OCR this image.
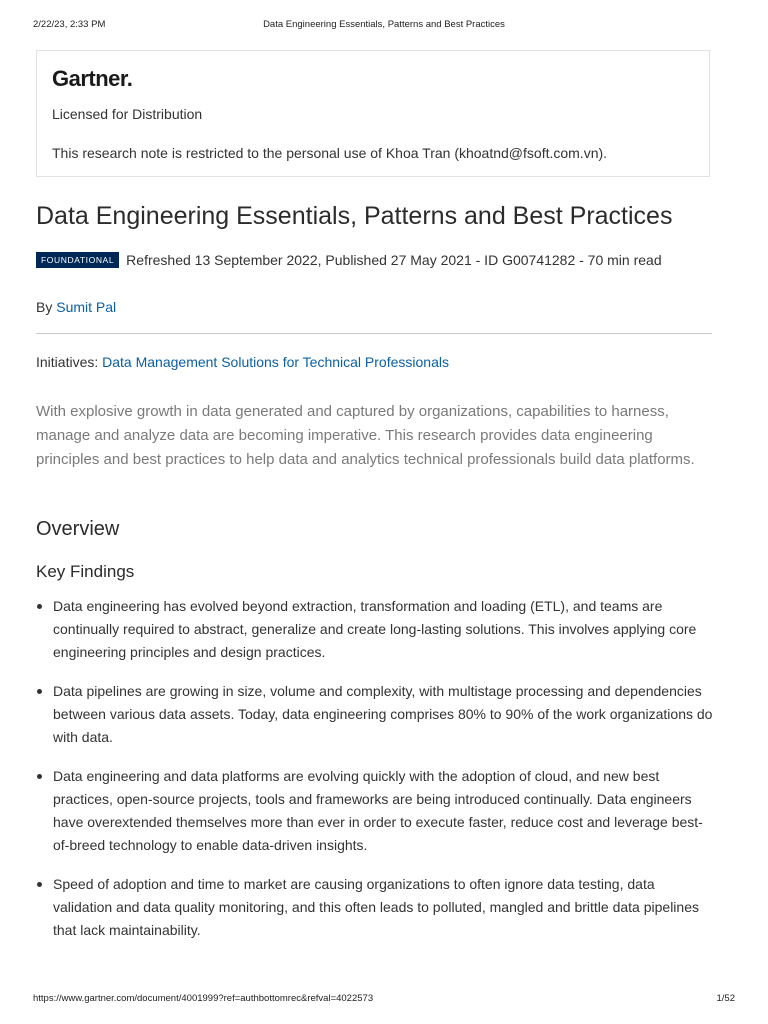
2/22/23, 2:33 PM	Data Engineering Essentials, Patterns and Best Practices
Gartner.
Licensed for Distribution
This research note is restricted to the personal use of Khoa Tran (khoatnd@fsoft.com.vn).
Data Engineering Essentials, Patterns and Best Practices
FOUNDATIONAL Refreshed 13 September 2022, Published 27 May 2021 - ID G00741282 - 70 min read
By Sumit Pal
Initiatives: Data Management Solutions for Technical Professionals

With explosive growth in data generated and captured by organizations, capabilities to harness, manage and analyze data are becoming imperative. This research provides data engineering principles and best practices to help data and analytics technical professionals build data platforms.

Overview
Key Findings
Data engineering has evolved beyond extraction, transformation and loading (ETL), and teams are continually required to abstract, generalize and create long-lasting solutions. This involves applying core engineering principles and design practices.
Data pipelines are growing in size, volume and complexity, with multistage processing and dependencies between various data assets. Today, data engineering comprises 80% to 90% of the work organizations do with data.
Data engineering and data platforms are evolving quickly with the adoption of cloud, and new best practices, open-source projects, tools and frameworks are being introduced continually. Data engineers have overextended themselves more than ever in order to execute faster, reduce cost and leverage best-of-breed technology to enable data-driven insights.
Speed of adoption and time to market are causing organizations to often ignore data testing, data validation and data quality monitoring, and this often leads to polluted, mangled and brittle data pipelines that lack maintainability.
https://www.gartner.com/document/4001999?ref=authbottomrec&refval=4022573	1/52
